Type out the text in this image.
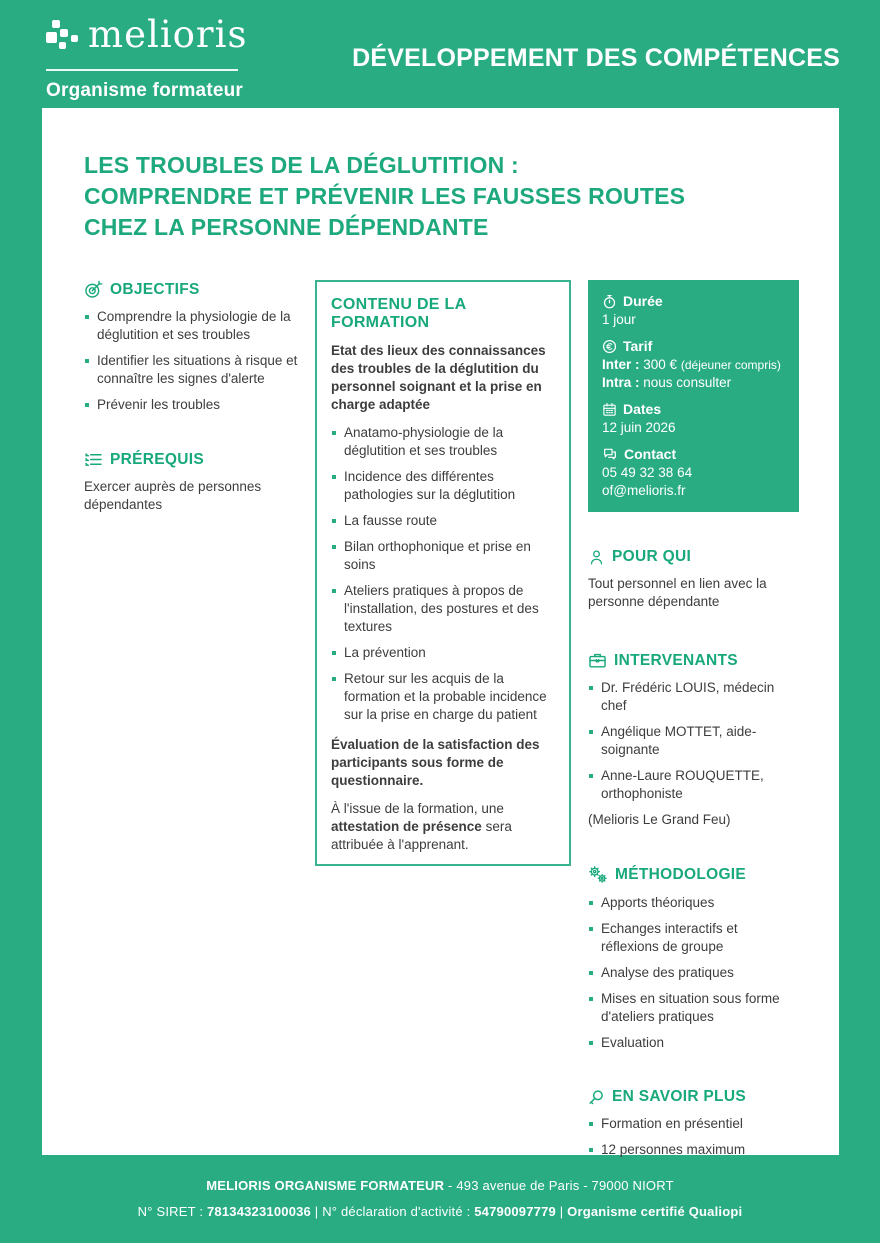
melioris
Organisme formateur
DÉVELOPPEMENT DES COMPÉTENCES
LES TROUBLES DE LA DÉGLUTITION :
COMPRENDRE ET PRÉVENIR LES FAUSSES ROUTES
CHEZ LA PERSONNE DÉPENDANTE
OBJECTIFS
Comprendre la physiologie de la déglutition et ses troubles
Identifier les situations à risque et connaître les signes d'alerte
Prévenir les troubles
PRÉREQUIS

Exercer auprès de personnes dépendantes

CONTENU DE LA FORMATION

Etat des lieux des connaissances des troubles de la déglutition du personnel soignant et la prise en charge adaptée

Anatamo-physiologie de la déglutition et ses troubles
Incidence des différentes pathologies sur la déglutition
La fausse route
Bilan orthophonique et prise en soins
Ateliers pratiques à propos de l'installation, des postures et des textures
La prévention
Retour sur les acquis de la formation et la probable incidence sur la prise en charge du patient

Évaluation de la satisfaction des participants sous forme de questionnaire.

À l'issue de la formation, une attestation de présence sera attribuée à l'apprenant.

Durée
1 jour
Tarif
Inter : 300 € (déjeuner compris)
Intra : nous consulter
Dates
12 juin 2026
Contact
05 49 32 38 64
of@melioris.fr
POUR QUI

Tout personnel en lien avec la personne dépendante

INTERVENANTS
Dr. Frédéric LOUIS, médecin chef
Angélique MOTTET, aide-soignante
Anne-Laure ROUQUETTE, orthophoniste
(Melioris Le Grand Feu)
MÉTHODOLOGIE
Apports théoriques
Echanges interactifs et réflexions de groupe
Analyse des pratiques
Mises en situation sous forme d'ateliers pratiques
Evaluation
EN SAVOIR PLUS
Formation en présentiel
12 personnes maximum
MELIORIS ORGANISME FORMATEUR - 493 avenue de Paris - 79000 NIORT
N° SIRET : 78134323100036 | N° déclaration d'activité : 54790097779 | Organisme certifié Qualiopi
